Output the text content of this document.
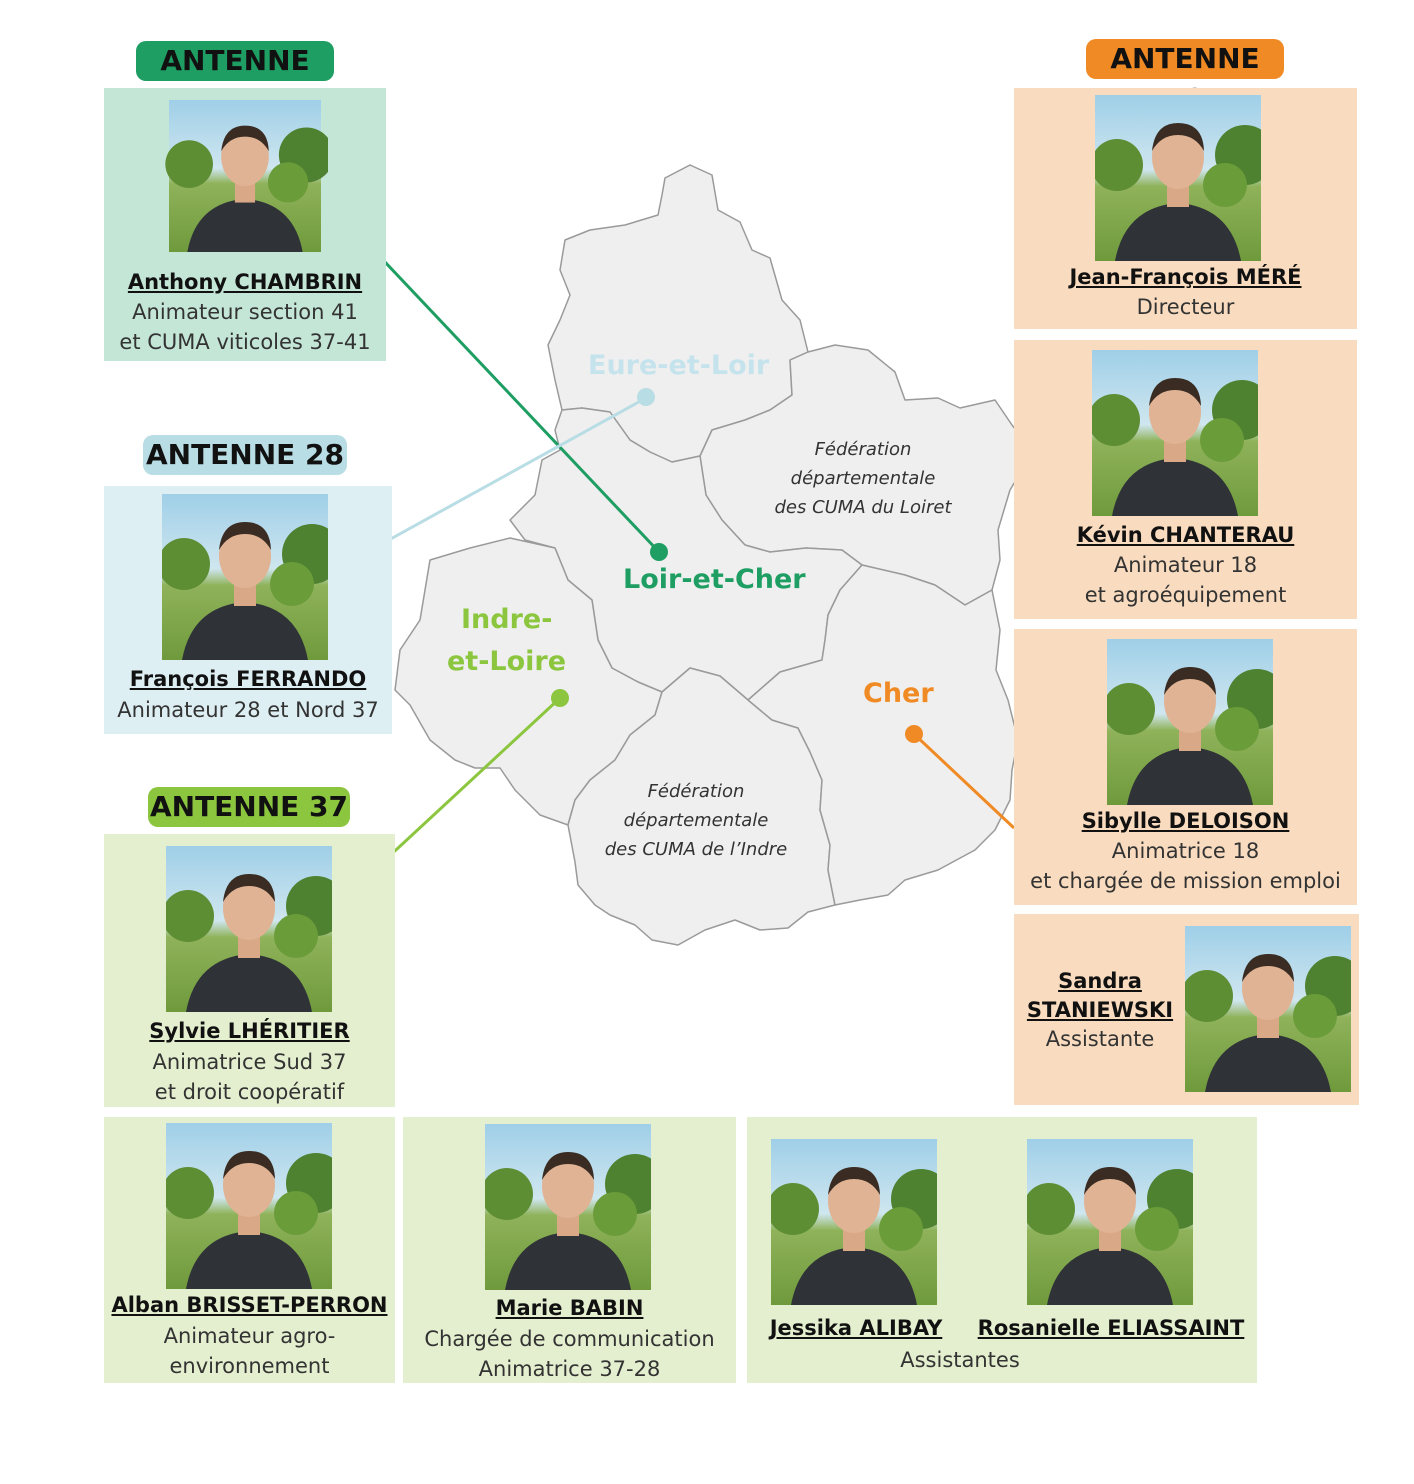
Eure-et-Loir
Loir-et-Cher
Indre-
et-Loire
Cher
Fédération
départementale
des CUMA du Loiret
Fédération
départementale
des CUMA de l’Indre
ANTENNE
ANTENNE 28
ANTENNE 37
ANTENNE
Anthony CHAMBRIN
Animateur section 41
et CUMA viticoles 37-41
François FERRANDO
Animateur 28 et Nord 37
Sylvie LHÉRITIER
Animatrice Sud 37
et droit coopératif
Alban BRISSET-PERRON
Animateur agro-
environnement
Marie BABIN
Chargée de communication
Animatrice 37-28
Jessika ALIBAY	Rosanielle ELIASSAINT
Assistantes
Jean-François MÉRÉ
Directeur
Kévin CHANTERAU
Animateur 18
et agroéquipement
Sibylle DELOISON
Animatrice 18
et chargée de mission emploi
Sandra
STANIEWSKI
Assistante
